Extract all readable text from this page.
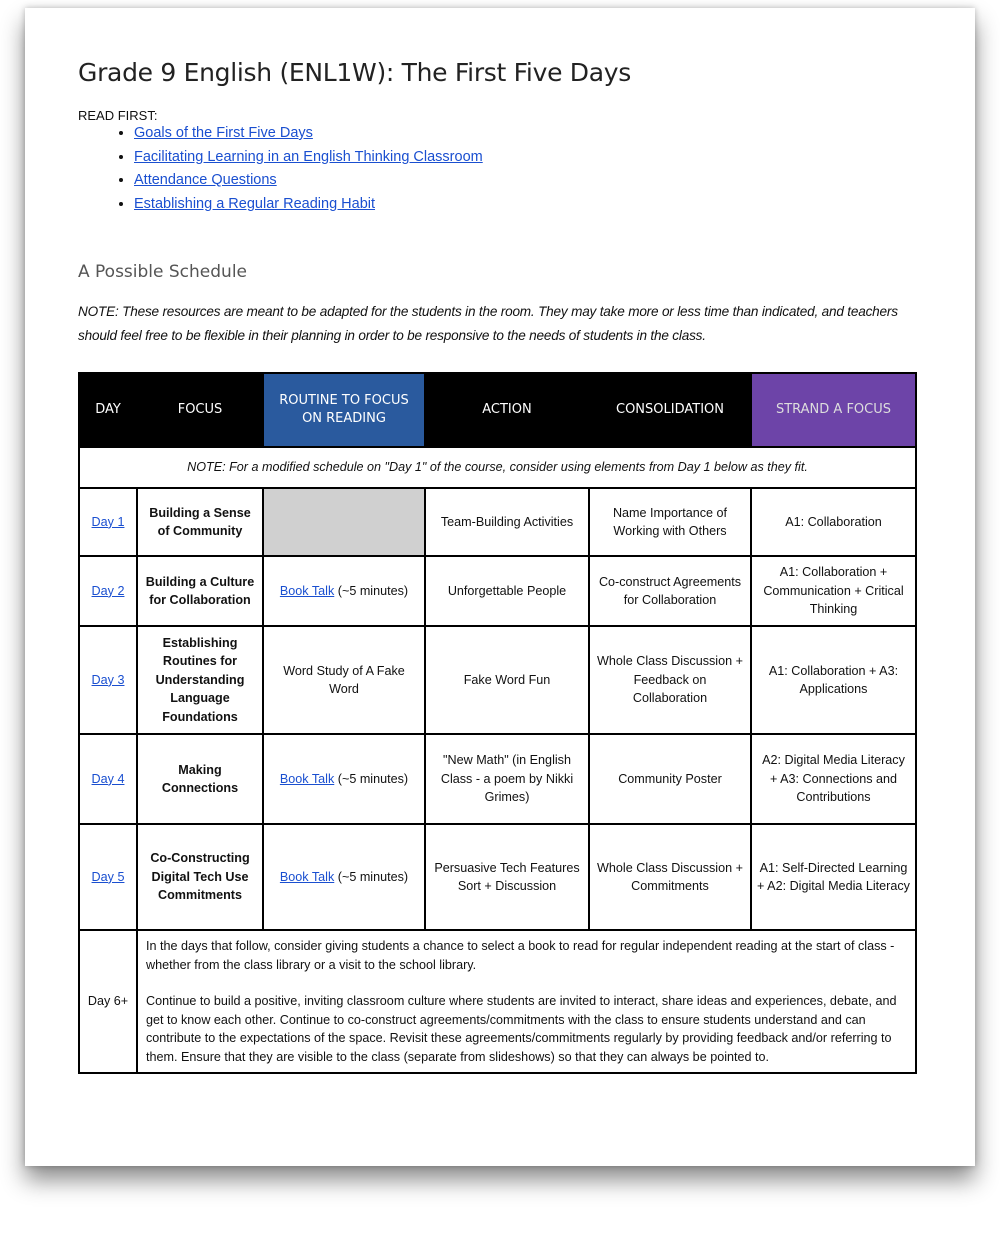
Grade 9 English (ENL1W): The First Five Days
READ FIRST:
• Goals of the First Five Days
• Facilitating Learning in an English Thinking Classroom
• Attendance Questions
• Establishing a Regular Reading Habit
A Possible Schedule
NOTE: These resources are meant to be adapted for the students in the room. They may take more or less time than indicated, and teachers should feel free to be flexible in their planning in order to be responsive to the needs of students in the class.
DAY	FOCUS	ROUTINE TO FOCUS ON READING	ACTION	CONSOLIDATION	STRAND A FOCUS
NOTE: For a modified schedule on "Day 1" of the course, consider using elements from Day 1 below as they fit.					
Day 1	Building a Sense of Community		Team-Building Activities	Name Importance of Working with Others	A1: Collaboration
Day 2	Building a Culture for Collaboration	Book Talk (~5 minutes)	Unforgettable People	Co-construct Agreements for Collaboration	A1: Collaboration + Communication + Critical Thinking
Day 3	Establishing Routines for Understanding Language Foundations	Word Study of A Fake Word	Fake Word Fun	Whole Class Discussion + Feedback on Collaboration	A1: Collaboration + A3: Applications
Day 4	Making Connections	Book Talk (~5 minutes)	"New Math" (in English Class - a poem by Nikki Grimes)	Community Poster	A2: Digital Media Literacy + A3: Connections and Contributions
Day 5	Co-Constructing Digital Tech Use Commitments	Book Talk (~5 minutes)	Persuasive Tech Features Sort + Discussion	Whole Class Discussion + Commitments	A1: Self-Directed Learning + A2: Digital Media Literacy
Day 6+	In the days that follow, consider giving students a chance to select a book to read for regular independent reading at the start of class - whether from the class library or a visit to the school library.

Continue to build a positive, inviting classroom culture where students are invited to interact, share ideas and experiences, debate, and get to know each other. Continue to co-construct agreements/commitments with the class to ensure students understand and can contribute to the expectations of the space. Revisit these agreements/commitments regularly by providing feedback and/or referring to them. Ensure that they are visible to the class (separate from slideshows) so that they can always be pointed to.				
